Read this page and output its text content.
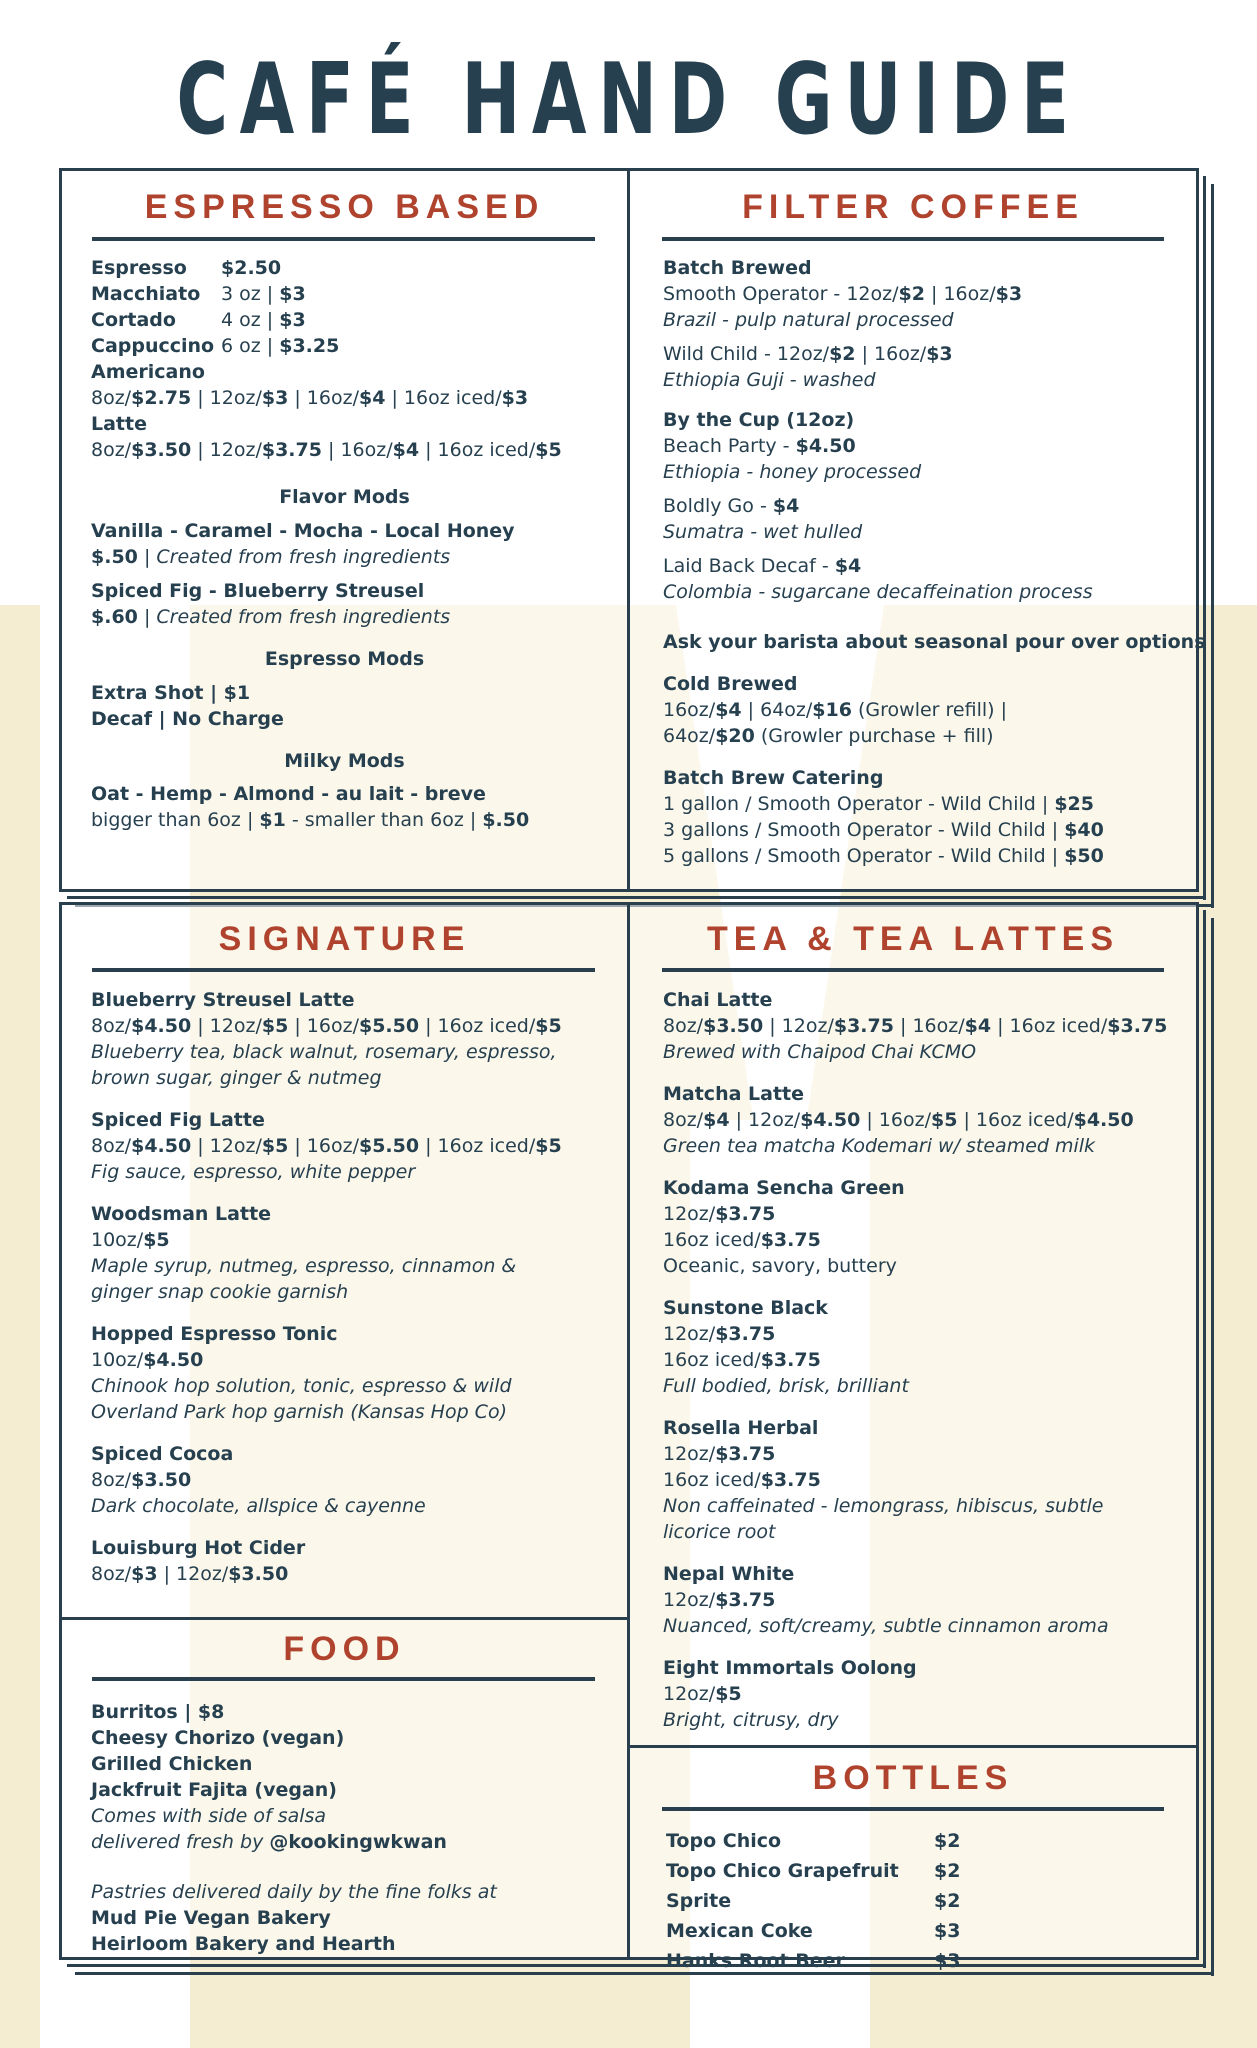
CAFÉ HAND GUIDE
ESPRESSO BASED
Espresso $2.50
Macchiato 3 oz | $3
Cortado 4 oz | $3
Cappuccino 6 oz | $3.25
Americano
8oz/$2.75 | 12oz/$3 | 16oz/$4 | 16oz iced/$3
Latte
8oz/$3.50 | 12oz/$3.75 | 16oz/$4 | 16oz iced/$5
Flavor Mods
Vanilla - Caramel - Mocha - Local Honey
$.50 | Created from fresh ingredients
Spiced Fig - Blueberry Streusel
$.60 | Created from fresh ingredients
Espresso Mods
Extra Shot | $1
Decaf | No Charge
Milky Mods
Oat - Hemp - Almond - au lait - breve
bigger than 6oz | $1 - smaller than 6oz | $.50
FILTER COFFEE
Batch Brewed
Smooth Operator - 12oz/$2 | 16oz/$3
Brazil - pulp natural processed
Wild Child - 12oz/$2 | 16oz/$3
Ethiopia Guji - washed
By the Cup (12oz)
Beach Party - $4.50
Ethiopia - honey processed
Boldly Go - $4
Sumatra - wet hulled
Laid Back Decaf - $4
Colombia - sugarcane decaffeination process
Ask your barista about seasonal pour over options
Cold Brewed
16oz/$4 | 64oz/$16 (Growler refill) |
64oz/$20 (Growler purchase + fill)
Batch Brew Catering
1 gallon / Smooth Operator - Wild Child | $25
3 gallons / Smooth Operator - Wild Child | $40
5 gallons / Smooth Operator - Wild Child | $50
SIGNATURE
Blueberry Streusel Latte
8oz/$4.50 | 12oz/$5 | 16oz/$5.50 | 16oz iced/$5
Blueberry tea, black walnut, rosemary, espresso,
brown sugar, ginger & nutmeg
Spiced Fig Latte
8oz/$4.50 | 12oz/$5 | 16oz/$5.50 | 16oz iced/$5
Fig sauce, espresso, white pepper
Woodsman Latte
10oz/$5
Maple syrup, nutmeg, espresso, cinnamon &
ginger snap cookie garnish
Hopped Espresso Tonic
10oz/$4.50
Chinook hop solution, tonic, espresso & wild
Overland Park hop garnish (Kansas Hop Co)
Spiced Cocoa
8oz/$3.50
Dark chocolate, allspice & cayenne
Louisburg Hot Cider
8oz/$3 | 12oz/$3.50
FOOD
Burritos | $8
Cheesy Chorizo (vegan)
Grilled Chicken
Jackfruit Fajita (vegan)
Comes with side of salsa
delivered fresh by @kookingwkwan
Pastries delivered daily by the fine folks at
Mud Pie Vegan Bakery
Heirloom Bakery and Hearth
TEA & TEA LATTES
Chai Latte
8oz/$3.50 | 12oz/$3.75 | 16oz/$4 | 16oz iced/$3.75
Brewed with Chaipod Chai KCMO
Matcha Latte
8oz/$4 | 12oz/$4.50 | 16oz/$5 | 16oz iced/$4.50
Green tea matcha Kodemari w/ steamed milk
Kodama Sencha Green
12oz/$3.75
16oz iced/$3.75
Oceanic, savory, buttery
Sunstone Black
12oz/$3.75
16oz iced/$3.75
Full bodied, brisk, brilliant
Rosella Herbal
12oz/$3.75
16oz iced/$3.75
Non caffeinated - lemongrass, hibiscus, subtle
licorice root
Nepal White
12oz/$3.75
Nuanced, soft/creamy, subtle cinnamon aroma
Eight Immortals Oolong
12oz/$5
Bright, citrusy, dry
BOTTLES
Topo Chico	$2
Topo Chico Grapefruit $2
Sprite	$2
Mexican Coke	$3
Hanks Root Beer	$3
